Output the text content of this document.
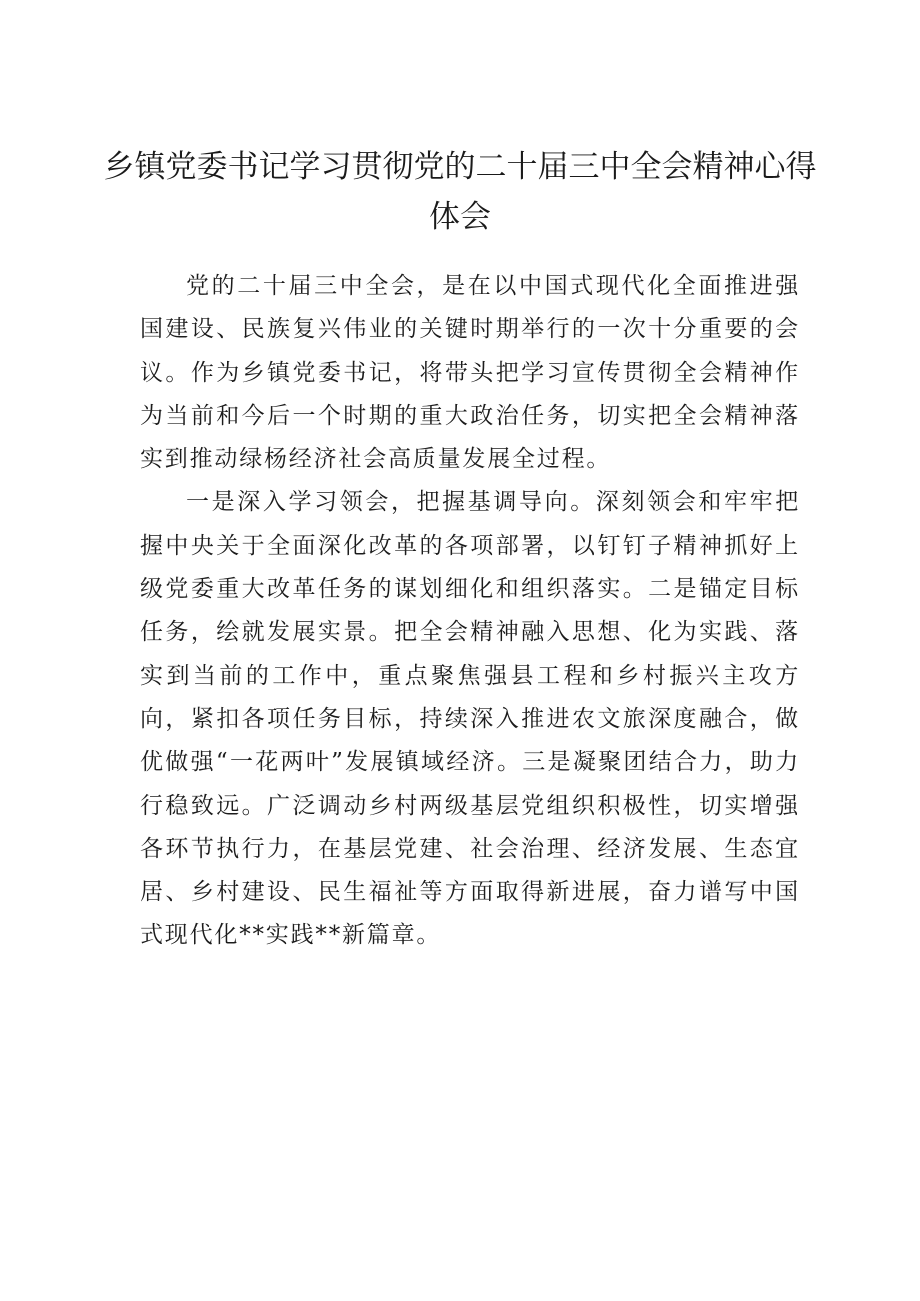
乡镇党委书记学习贯彻党的二十届三中全会精神心得体会

党的二十届三中全会，是在以中国式现代化全面推进强国建设、民族复兴伟业的关键时期举行的一次十分重要的会议。作为乡镇党委书记，将带头把学习宣传贯彻全会精神作为当前和今后一个时期的重大政治任务，切实把全会精神落实到推动绿杨经济社会高质量发展全过程。

一是深入学习领会，把握基调导向。深刻领会和牢牢把握中央关于全面深化改革的各项部署，以钉钉子精神抓好上级党委重大改革任务的谋划细化和组织落实。二是锚定目标任务，绘就发展实景。把全会精神融入思想、化为实践、落实到当前的工作中，重点聚焦强县工程和乡村振兴主攻方向，紧扣各项任务目标，持续深入推进农文旅深度融合，做优做强“一花两叶”发展镇域经济。三是凝聚团结合力，助力行稳致远。广泛调动乡村两级基层党组织积极性，切实增强各环节执行力，在基层党建、社会治理、经济发展、生态宜居、乡村建设、民生福祉等方面取得新进展，奋力谱写中国式现代化**实践**新篇章。
